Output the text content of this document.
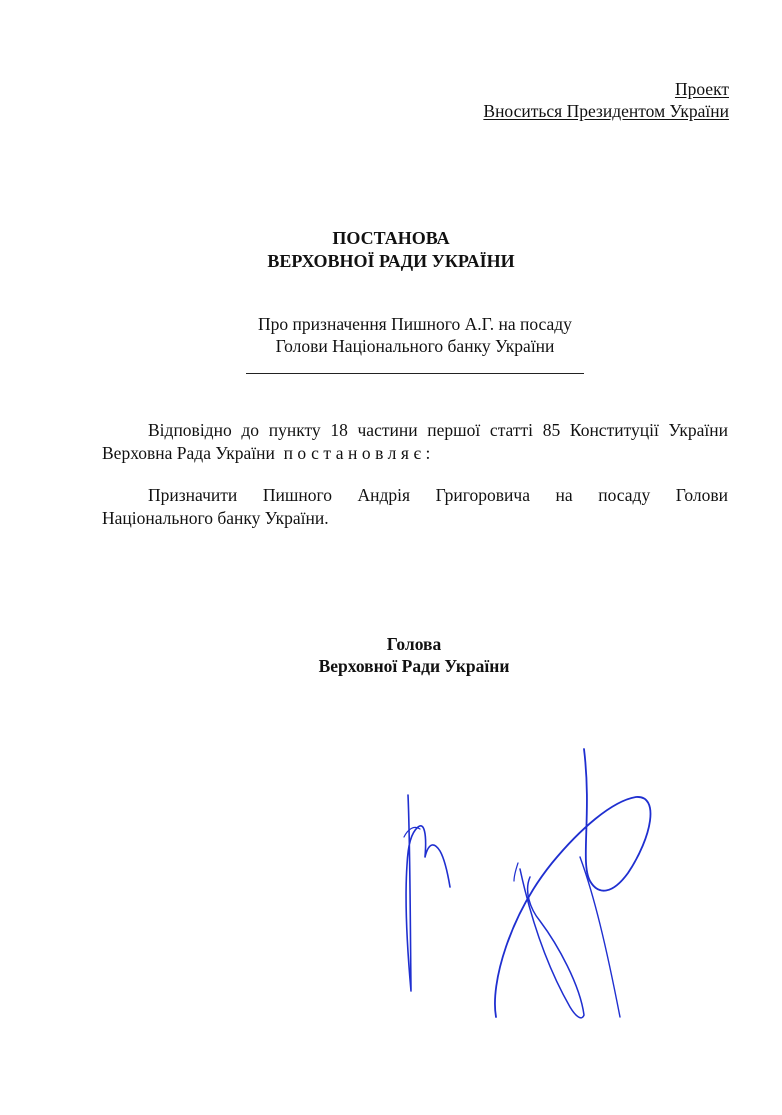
Проект
Вноситься Президентом України
ПОСТАНОВА
ВЕРХОВНОЇ РАДИ УКРАЇНИ
Про призначення Пишного А.Г. на посаду
Голови Національного банку України
Відповідно до пункту 18 частини першої статті 85 Конституції України Верховна Рада України постановляє:
Призначити Пишного Андрія Григоровича на посаду Голови
Національного банку України.
Голова
Верховної Ради України
